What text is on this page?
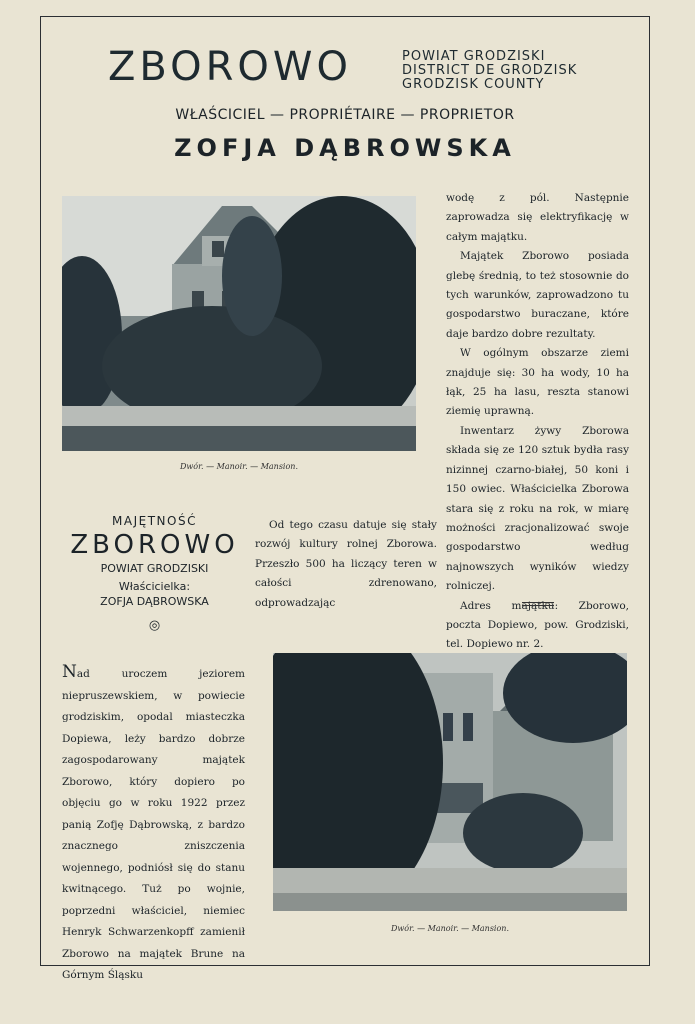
ZBOROWO	POWIAT GRODZISKI
DISTRICT DE GRODZISK
GRODZISK COUNTY
WŁAŚCICIEL — PROPRIÉTAIRE — PROPRIETOR
ZOFJA DĄBROWSKA
Dwór. — Manoir. — Mansion.

wodę z pól. Następnie zaprowadza się elektryfikację w całym majątku.

Majątek Zborowo posiada glebę średnią, to też stosownie do tych warunków, zaprowadzono tu gospodarstwo buraczane, które daje bardzo dobre rezultaty.

W ogólnym obszarze ziemi znajduje się: 30 ha wody, 10 ha łąk, 25 ha lasu, reszta stanowi ziemię uprawną.

Inwentarz żywy Zborowa składa się ze 120 sztuk bydła rasy nizinnej czarno-białej, 50 koni i 150 owiec. Właścicielka Zborowa stara się z roku na rok, w miarę możności zracjonalizować swoje gospodarstwo według najnowszych wyników wiedzy rolniczej.

Adres majątku: Zborowo, poczta Dopiewo, pow. Grodziski, tel. Dopiewo nr. 2.

MAJĘTNOŚĆ
ZBOROWO
POWIAT GRODZISKI
Właścicielka:
ZOFJA DĄBROWSKA
◎

Od tego czasu datuje się stały rozwój kultury rolnej Zborowa. Przeszło 500 ha liczący teren w całości zdrenowano, odprowadzając

Nad uroczem jeziorem niepruszewskiem, w powiecie grodziskim, opodal miasteczka Dopiewa, leży bardzo dobrze zagospodarowany majątek Zborowo, który dopiero po objęciu go w roku 1922 przez panią Zofję Dąbrowską, z bardzo znacznego zniszczenia wojennego, podniósł się do stanu kwitnącego. Tuż po wojnie, poprzedni właściciel, niemiec Henryk Schwarzenkopff zamienił Zborowo na majątek Brune na Górnym Śląsku

Dwór. — Manoir. — Mansion.
